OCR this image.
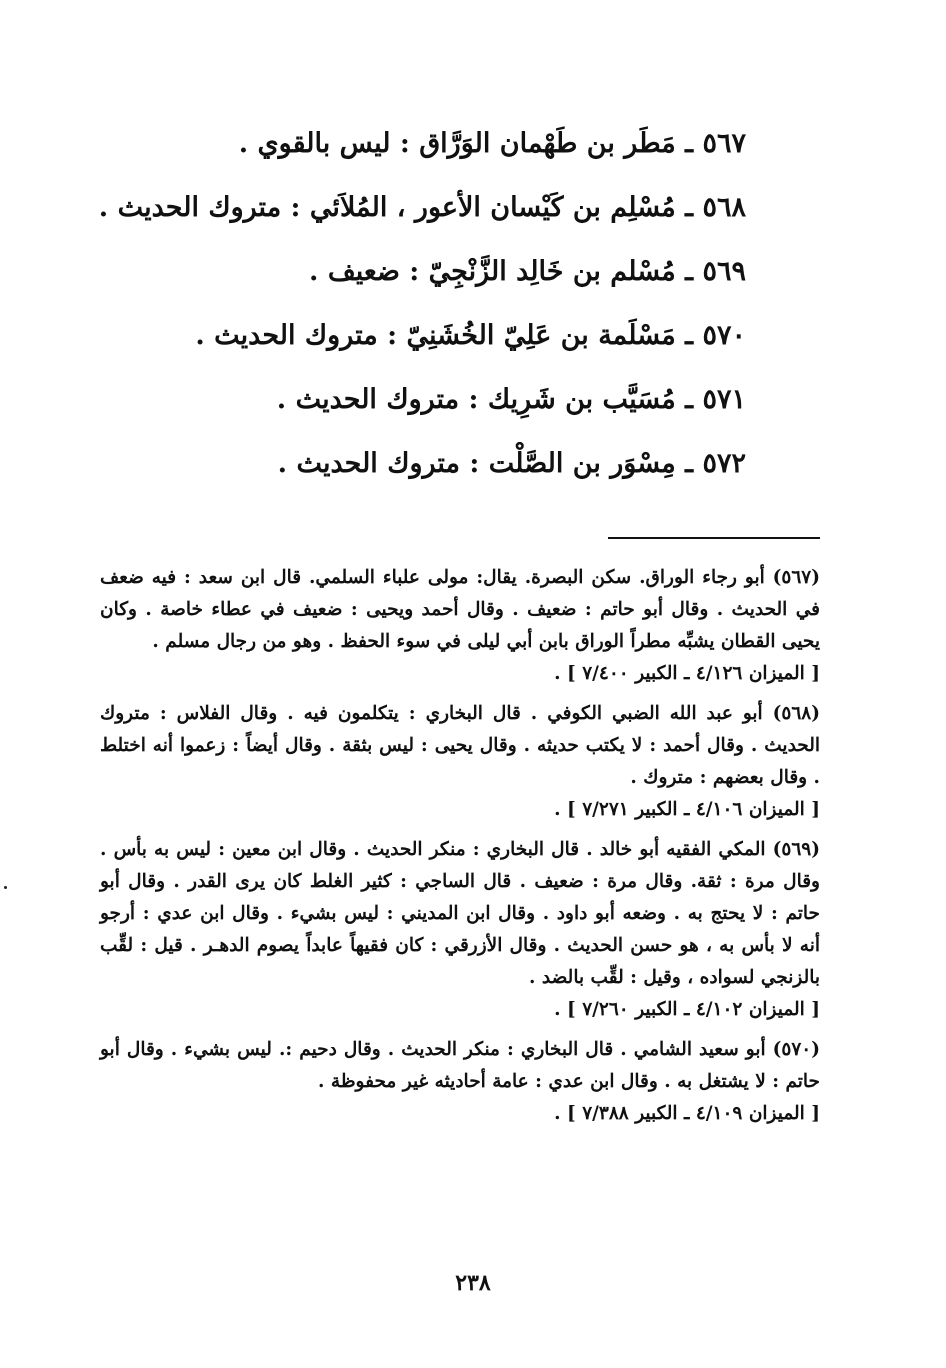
٥٦٧ ـ مَطَر بن طَهْمان الوَرَّاق : ليس بالقوي .
٥٦٨ ـ مُسْلِم بن كَيْسان الأعور ، المُلاَئي : متروك الحديث .
٥٦٩ ـ مُسْلم بن خَالِد الزَّنْجِيّ : ضعيف .
٥٧٠ ـ مَسْلَمة بن عَلِيّ الخُشَنِيّ : متروك الحديث .
٥٧١ ـ مُسَيَّب بن شَرِيك : متروك الحديث .
٥٧٢ ـ مِسْوَر بن الصَّلْت : متروك الحديث .

(٥٦٧) أبو رجاء الوراق. سكن البصرة. يقال: مولى علباء السلمي. قال ابن سعد : فيه ضعف في الحديث . وقال أبو حاتم : ضعيف . وقال أحمد ويحيى : ضعيف في عطاء خاصة . وكان يحيى القطان يشبِّه مطراً الوراق بابن أبي ليلى في سوء الحفظ . وهو من رجال مسلم .

[ الميزان ٤/١٢٦ ـ الكبير ٧/٤٠٠ ] .

(٥٦٨) أبو عبد الله الضبي الكوفي . قال البخاري : يتكلمون فيه . وقال الفلاس : متروك الحديث . وقال أحمد : لا يكتب حديثه . وقال يحيى : ليس بثقة . وقال أيضاً : زعموا أنه اختلط . وقال بعضهم : متروك .

[ الميزان ٤/١٠٦ ـ الكبير ٧/٢٧١ ] .

(٥٦٩) المكي الفقيه أبو خالد . قال البخاري : منكر الحديث . وقال ابن معين : ليس به بأس . وقال مرة : ثقة. وقال مرة : ضعيف . قال الساجي : كثير الغلط كان يرى القدر . وقال أبو حاتم : لا يحتج به . وضعه أبو داود . وقال ابن المديني : ليس بشيء . وقال ابن عدي : أرجو أنه لا بأس به ، هو حسن الحديث . وقال الأزرقي : كان فقيهاً عابداً يصوم الدهـر . قيل : لقِّب بالزنجي لسواده ، وقيل : لقِّب بالضد .

[ الميزان ٤/١٠٢ ـ الكبير ٧/٢٦٠ ] .

(٥٧٠) أبو سعيد الشامي . قال البخاري : منكر الحديث . وقال دحيم :. ليس بشيء . وقال أبو حاتم : لا يشتغل به . وقال ابن عدي : عامة أحاديثه غير محفوظة .

[ الميزان ٤/١٠٩ ـ الكبير ٧/٣٨٨ ] .

٢٣٨
